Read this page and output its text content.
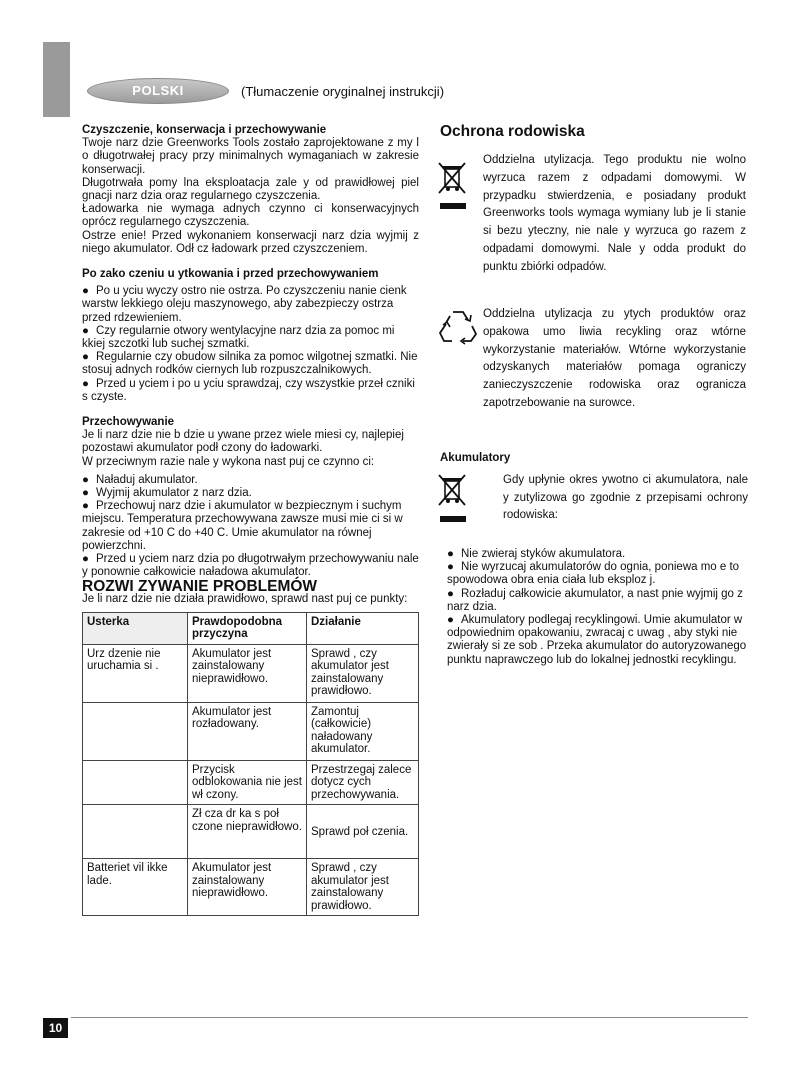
POLSKI	(Tłumaczenie oryginalnej instrukcji)

Czyszczenie, konserwacja i przechowywanie

Twoje narz dzie Greenworks Tools zostało zaprojektowane z my l o długotrwałej pracy przy minimalnych wymaganiach w zakresie konserwacji.

Długotrwała pomy lna eksploatacja zale y od prawidłowej piel gnacji narz dzia oraz regularnego czyszczenia.

Ładowarka nie wymaga adnych czynno ci konserwacyjnych oprócz regularnego czyszczenia.

Ostrze enie! Przed wykonaniem konserwacji narz dzia wyjmij z niego akumulator. Odł cz ładowark przed czyszczeniem.

Po zako czeniu u ytkowania i przed przechowywaniem

● Po u yciu wyczy ostro nie ostrza. Po czyszczeniu nanie cienk warstw lekkiego oleju maszynowego, aby zabezpieczy ostrza przed rdzewieniem.

● Czy regularnie otwory wentylacyjne narz dzia za pomoc mi kkiej szczotki lub suchej szmatki.

● Regularnie czy obudow silnika za pomoc wilgotnej szmatki. Nie stosuj adnych rodków ciernych lub rozpuszczalnikowych.

● Przed u yciem i po u yciu sprawdzaj, czy wszystkie przeł czniki s czyste.

Przechowywanie

Je li narz dzie nie b dzie u ywane przez wiele miesi cy, najlepiej pozostawi akumulator podł czony do ładowarki.

W przeciwnym razie nale y wykona nast puj ce czynno ci:

● Naładuj akumulator.

● Wyjmij akumulator z narz dzia.

● Przechowuj narz dzie i akumulator w bezpiecznym i suchym miejscu. Temperatura przechowywana zawsze musi mie ci si w zakresie od +10 C do +40 C. Umie akumulator na równej powierzchni.

● Przed u yciem narz dzia po długotrwałym przechowywaniu nale y ponownie całkowicie naładowa akumulator.

ROZWI ZYWANIE PROBLEMÓW

Je li narz dzie nie działa prawidłowo, sprawd nast puj ce punkty:

Usterka	Prawdopodobna przyczyna	Działanie
Urz dzenie nie uruchamia si .	Akumulator jest zainstalowany nieprawidłowo.	Sprawd , czy akumulator jest zainstalowany prawidłowo.
	Akumulator jest rozładowany.	Zamontuj (całkowicie) naładowany akumulator.
	Przycisk odblokowania nie jest wł czony.	Przestrzegaj zalece dotycz cych przechowywania.
	Zł cza dr ka s poł czone nieprawidłowo.	Sprawd poł czenia.
Batteriet vil ikke lade.	Akumulator jest zainstalowany nieprawidłowo.	Sprawd , czy akumulator jest zainstalowany prawidłowo.

Ochrona rodowiska

Oddzielna utylizacja. Tego produktu nie wolno wyrzuca razem z odpadami domowymi. W przypadku stwierdzenia, e posiadany produkt Greenworks tools wymaga wymiany lub je li stanie si bezu yteczny, nie nale y wyrzuca go razem z odpadami domowymi. Nale y odda produkt do punktu zbiórki odpadów.
Oddzielna utylizacja zu ytych produktów oraz opakowa umo liwia recykling oraz wtórne wykorzystanie materiałów. Wtórne wykorzystanie odzyskanych materiałów pomaga ograniczy zanieczyszczenie rodowiska oraz ogranicza zapotrzebowanie na surowce.

Akumulatory

Gdy upłynie okres ywotno ci akumulatora, nale y zutylizowa go zgodnie z przepisami ochrony rodowiska:

● Nie zwieraj styków akumulatora.

● Nie wyrzucaj akumulatorów do ognia, poniewa mo e to spowodowa obra enia ciała lub eksploz j.

● Rozładuj całkowicie akumulator, a nast pnie wyjmij go z narz dzia.

● Akumulatory podlegaj recyklingowi. Umie akumulator w odpowiednim opakowaniu, zwracaj c uwag , aby styki nie zwierały si ze sob . Przeka akumulator do autoryzowanego punktu naprawczego lub do lokalnej jednostki recyklingu.

10
